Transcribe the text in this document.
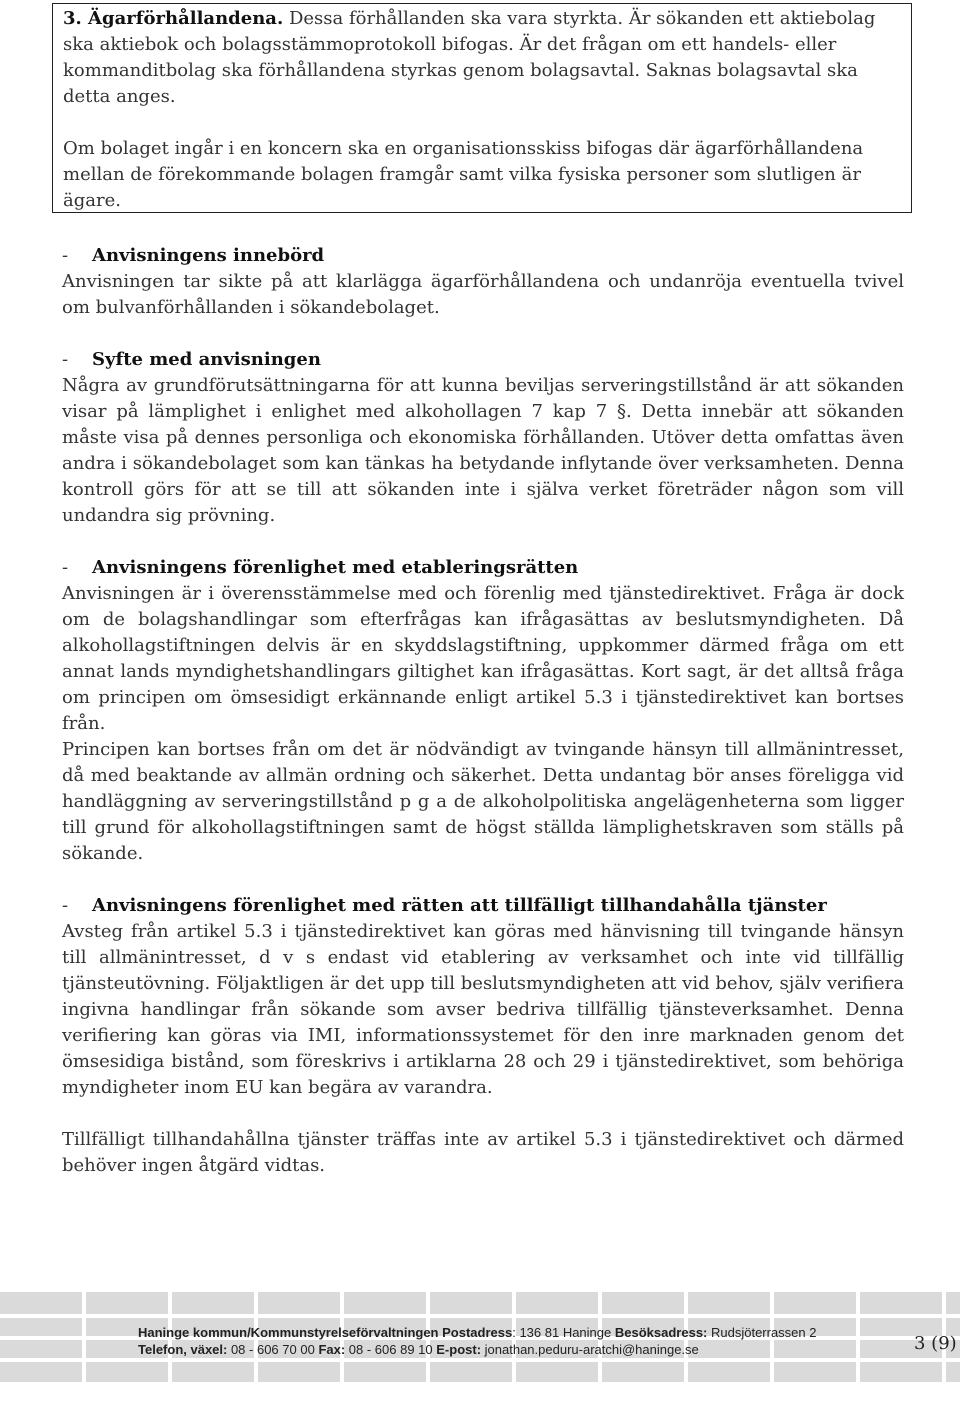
3. Ägarförhållandena. Dessa förhållanden ska vara styrkta. Är sökanden ett aktiebolag ska aktiebok och bolagsstämmoprotokoll bifogas. Är det frågan om ett handels- eller kommanditbolag ska förhållandena styrkas genom bolagsavtal. Saknas bolagsavtal ska detta anges.

Om bolaget ingår i en koncern ska en organisationsskiss bifogas där ägarförhållandena mellan de förekommande bolagen framgår samt vilka fysiska personer som slutligen är ägare.

- Anvisningens innebörd

Anvisningen tar sikte på att klarlägga ägarförhållandena och undanröja eventuella tvivel om bulvanförhållanden i sökandebolaget.

- Syfte med anvisningen

Några av grundförutsättningarna för att kunna beviljas serveringstillstånd är att sökanden visar på lämplighet i enlighet med alkohollagen 7 kap 7 §. Detta innebär att sökanden måste visa på dennes personliga och ekonomiska förhållanden. Utöver detta omfattas även andra i sökandebolaget som kan tänkas ha betydande inflytande över verksamheten. Denna kontroll görs för att se till att sökanden inte i själva verket företräder någon som vill undandra sig prövning.

- Anvisningens förenlighet med etableringsrätten

Anvisningen är i överensstämmelse med och förenlig med tjänstedirektivet. Fråga är dock om de bolagshandlingar som efterfrågas kan ifrågasättas av beslutsmyndigheten. Då alkohollagstiftningen delvis är en skyddslagstiftning, uppkommer därmed fråga om ett annat lands myndighetshandlingars giltighet kan ifrågasättas. Kort sagt, är det alltså fråga om principen om ömsesidigt erkännande enligt artikel 5.3 i tjänstedirektivet kan bortses från.

Principen kan bortses från om det är nödvändigt av tvingande hänsyn till allmänintresset, då med beaktande av allmän ordning och säkerhet. Detta undantag bör anses föreligga vid handläggning av serveringstillstånd p g a de alkoholpolitiska angelägenheterna som ligger till grund för alkohollagstiftningen samt de högst ställda lämplighetskraven som ställs på sökande.

- Anvisningens förenlighet med rätten att tillfälligt tillhandahålla tjänster

Avsteg från artikel 5.3 i tjänstedirektivet kan göras med hänvisning till tvingande hänsyn till allmänintresset, d v s endast vid etablering av verksamhet och inte vid tillfällig tjänsteutövning. Följaktligen är det upp till beslutsmyndigheten att vid behov, själv verifiera ingivna handlingar från sökande som avser bedriva tillfällig tjänsteverksamhet. Denna verifiering kan göras via IMI, informationssystemet för den inre marknaden genom det ömsesidiga bistånd, som föreskrivs i artiklarna 28 och 29 i tjänstedirektivet, som behöriga myndigheter inom EU kan begära av varandra.

Tillfälligt tillhandahållna tjänster träffas inte av artikel 5.3 i tjänstedirektivet och därmed behöver ingen åtgärd vidtas.

Haninge kommun/Kommunstyrelseförvaltningen Postadress: 136 81 Haninge Besöksadress: Rudsjöterrassen 2
Telefon, växel: 08 - 606 70 00 Fax: 08 - 606 89 10 E-post: jonathan.peduru-aratchi@haninge.se	3 (9)
